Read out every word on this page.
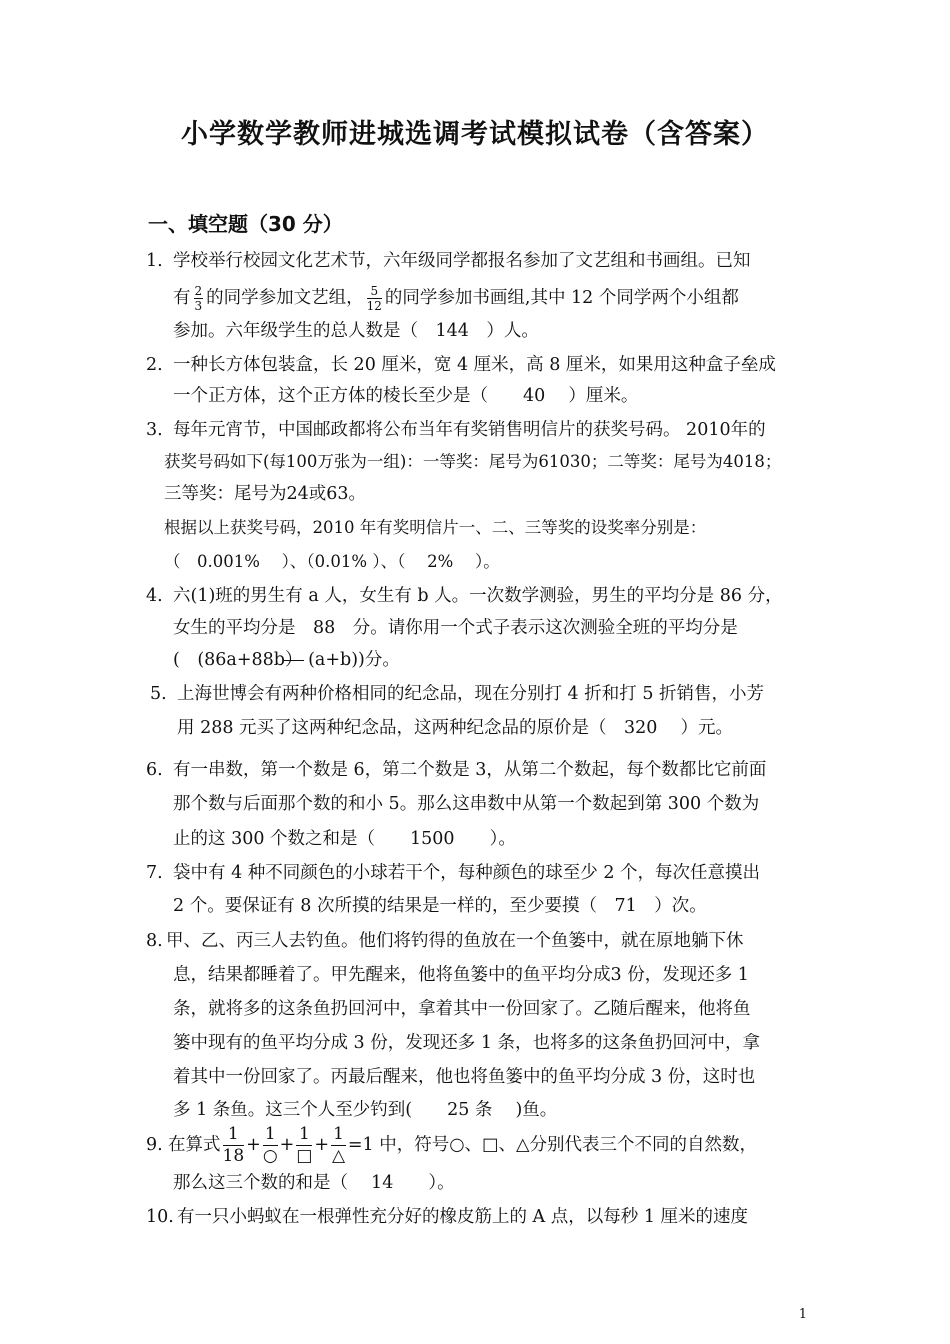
小学数学教师进城选调考试模拟试卷（含答案）
一、填空题（30 分）
1. 学校举行校园文化艺术节，六年级同学都报名参加了文艺组和书画组。已知
有 $\frac{2}{3}$ 的同学参加文艺组， $\frac{5}{12}$ 的同学参加书画组,其中 12 个同学两个小组都
参加。六年级学生的总人数是（　144　）人。
2. 一种长方体包装盒，长 20 厘米，宽 4 厘米，高 8 厘米，如果用这种盒子垒成
一个正方体，这个正方体的棱长至少是（　　40　 ）厘米。
3. 每年元宵节，中国邮政都将公布当年有奖销售明信片的获奖号码。 2010年的
获奖号码如下(每100万张为一组)：一等奖：尾号为61030；二等奖：尾号为4018；
三等奖：尾号为24或63。
根据以上获奖号码，2010 年有奖明信片一、二、三等奖的设奖率分别是：
（　0.001%　 ）、（0.01% ）、（　 2%　 ）。
4. 六(1)班的男生有 a 人，女生有 b 人。一次数学测验，男生的平均分是 86 分，
女生的平均分是　88　分。请你用一个式子表示这次测验全班的平均分是
(　(86a+88b） (a+b))分。
5. 上海世博会有两种价格相同的纪念品，现在分别打 4 折和打 5 折销售，小芳
用 288 元买了这两种纪念品，这两种纪念品的原价是（　320　 ）元。
6. 有一串数，第一个数是 6，第二个数是 3，从第二个数起，每个数都比它前面
那个数与后面那个数的和小 5。那么这串数中从第一个数起到第 300 个数为
止的这 300 个数之和是（　　1500　　）。
7. 袋中有 4 种不同颜色的小球若干个，每种颜色的球至少 2 个，每次任意摸出
2 个。要保证有 8 次所摸的结果是一样的，至少要摸（　71　）次。
8. 甲、乙、丙三人去钓鱼。他们将钓得的鱼放在一个鱼篓中，就在原地躺下休
息，结果都睡着了。甲先醒来，他将鱼篓中的鱼平均分成3 份，发现还多 1
条，就将多的这条鱼扔回河中，拿着其中一份回家了。乙随后醒来，他将鱼
篓中现有的鱼平均分成 3 份，发现还多 1 条，也将多的这条鱼扔回河中，拿
着其中一份回家了。丙最后醒来，他也将鱼篓中的鱼平均分成 3 份，这时也
多 1 条鱼。这三个人至少钓到(　　25 条　 )鱼。
9. 在算式 $\frac{1}{18}$ +
1
○
+
1
□
+
1
△
=1 中，符号○、□、△分别代表三个不同的自然数，
那么这三个数的和是（　 14　　）。
10. 有一只小蚂蚁在一根弹性充分好的橡皮筋上的 A 点，以每秒 1 厘米的速度
1
